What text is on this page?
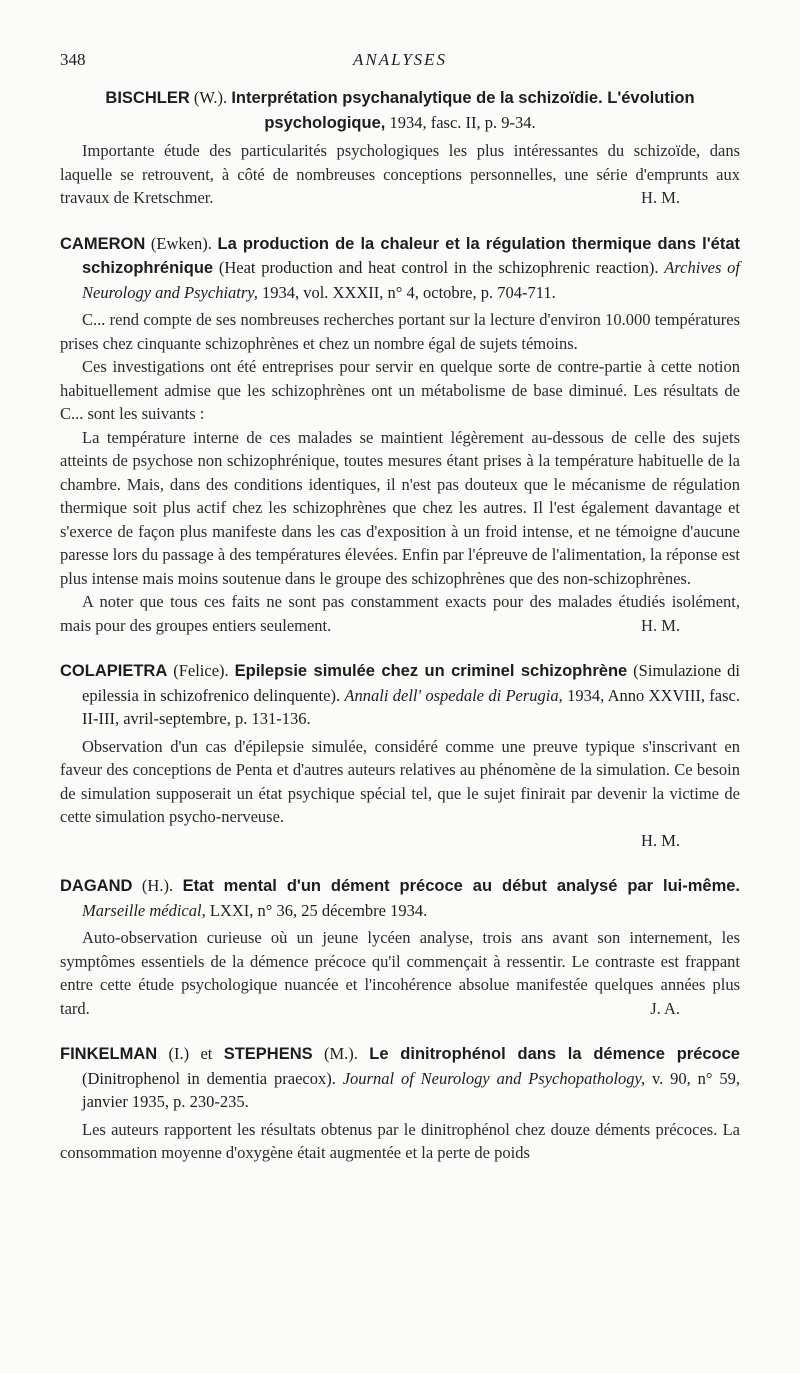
348	ANALYSES

BISCHLER (W.). Interprétation psychanalytique de la schizoïdie. L'évolution psychologique, 1934, fasc. II, p. 9-34.

Importante étude des particularités psychologiques les plus intéressantes du schizoïde, dans laquelle se retrouvent, à côté de nombreuses conceptions personnelles, une série d'emprunts aux travaux de Kretschmer.	H. M.

CAMERON (Ewken). La production de la chaleur et la régulation thermique dans l'état schizophrénique (Heat production and heat control in the schizophrenic reaction). Archives of Neurology and Psychiatry, 1934, vol. XXXII, n° 4, octobre, p. 704-711.

C... rend compte de ses nombreuses recherches portant sur la lecture d'environ 10.000 températures prises chez cinquante schizophrènes et chez un nombre égal de sujets témoins.

Ces investigations ont été entreprises pour servir en quelque sorte de contre-partie à cette notion habituellement admise que les schizophrènes ont un métabolisme de base diminué. Les résultats de C... sont les suivants :

La température interne de ces malades se maintient légèrement au-dessous de celle des sujets atteints de psychose non schizophrénique, toutes mesures étant prises à la température habituelle de la chambre. Mais, dans des conditions identiques, il n'est pas douteux que le mécanisme de régulation thermique soit plus actif chez les schizophrènes que chez les autres. Il l'est également davantage et s'exerce de façon plus manifeste dans les cas d'exposition à un froid intense, et ne témoigne d'aucune paresse lors du passage à des températures élevées. Enfin par l'épreuve de l'alimentation, la réponse est plus intense mais moins soutenue dans le groupe des schizophrènes que des non-schizophrènes.

A noter que tous ces faits ne sont pas constamment exacts pour des malades étudiés isolément, mais pour des groupes entiers seulement.	H. M.

COLAPIETRA (Felice). Epilepsie simulée chez un criminel schizophrène (Simulazione di epilessia in schizofrenico delinquente). Annali dell' ospedale di Perugia, 1934, Anno XXVIII, fasc. II-III, avril-septembre, p. 131-136.

Observation d'un cas d'épilepsie simulée, considéré comme une preuve typique s'inscrivant en faveur des conceptions de Penta et d'autres auteurs relatives au phénomène de la simulation. Ce besoin de simulation supposerait un état psychique spécial tel, que le sujet finirait par devenir la victime de cette simulation psycho-nerveuse.

H. M.

DAGAND (H.). Etat mental d'un dément précoce au début analysé par lui-même. Marseille médical, LXXI, n° 36, 25 décembre 1934.

Auto-observation curieuse où un jeune lycéen analyse, trois ans avant son internement, les symptômes essentiels de la démence précoce qu'il commençait à ressentir. Le contraste est frappant entre cette étude psychologique nuancée et l'incohérence absolue manifestée quelques années plus tard.	J. A.

FINKELMAN (I.) et STEPHENS (M.). Le dinitrophénol dans la démence précoce (Dinitrophenol in dementia praecox). Journal of Neurology and Psychopathology, v. 90, n° 59, janvier 1935, p. 230-235.

Les auteurs rapportent les résultats obtenus par le dinitrophénol chez douze déments précoces. La consommation moyenne d'oxygène était augmentée et la perte de poids
